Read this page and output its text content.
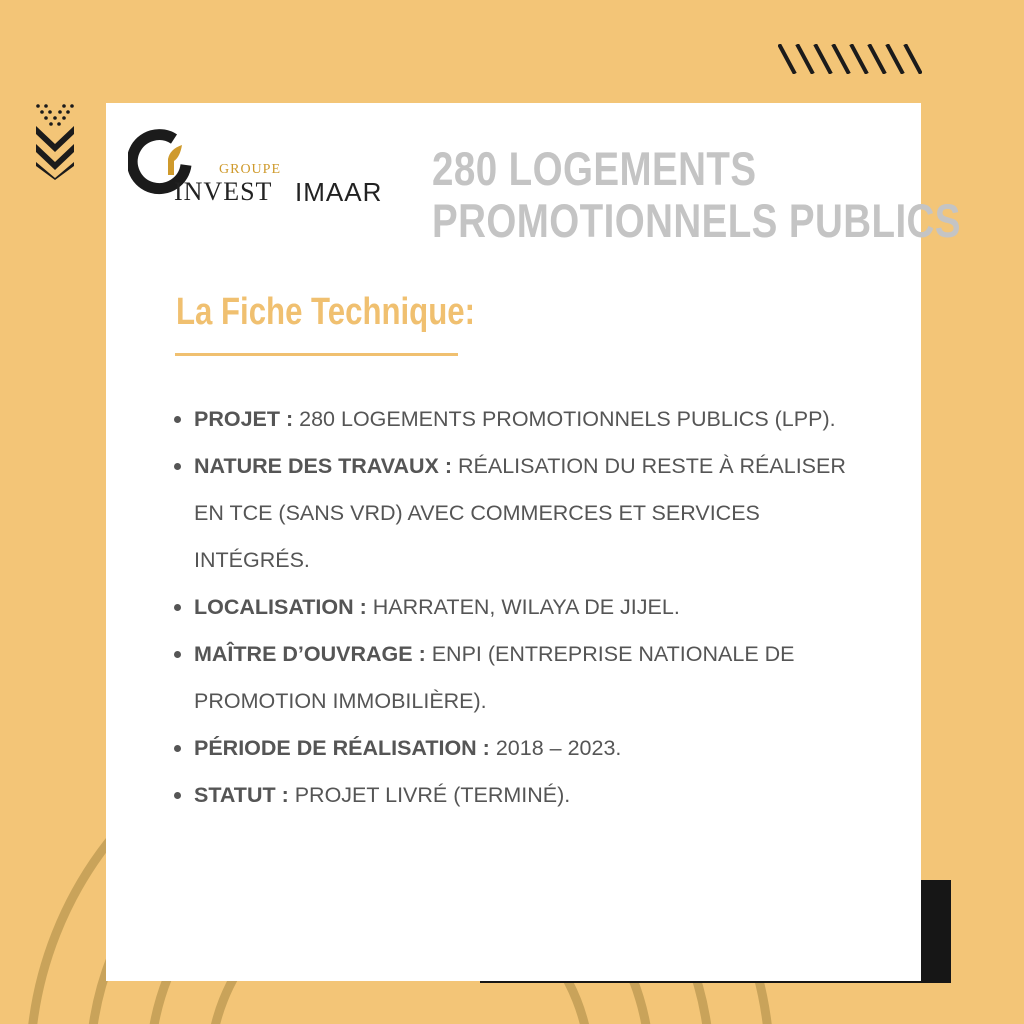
GROUPE
INVEST IMAAR 280 LOGEMENTS
PROMOTIONNELS PUBLICS
La Fiche Technique:
PROJET : 280 LOGEMENTS PROMOTIONNELS PUBLICS (LPP).
NATURE DES TRAVAUX : RÉALISATION DU RESTE À RÉALISER EN TCE (SANS VRD) AVEC COMMERCES ET SERVICES INTÉGRÉS.
LOCALISATION : HARRATEN, WILAYA DE JIJEL.
MAÎTRE D’OUVRAGE : ENPI (ENTREPRISE NATIONALE DE PROMOTION IMMOBILIÈRE).
PÉRIODE DE RÉALISATION : 2018 – 2023.
STATUT : PROJET LIVRÉ (TERMINÉ).
